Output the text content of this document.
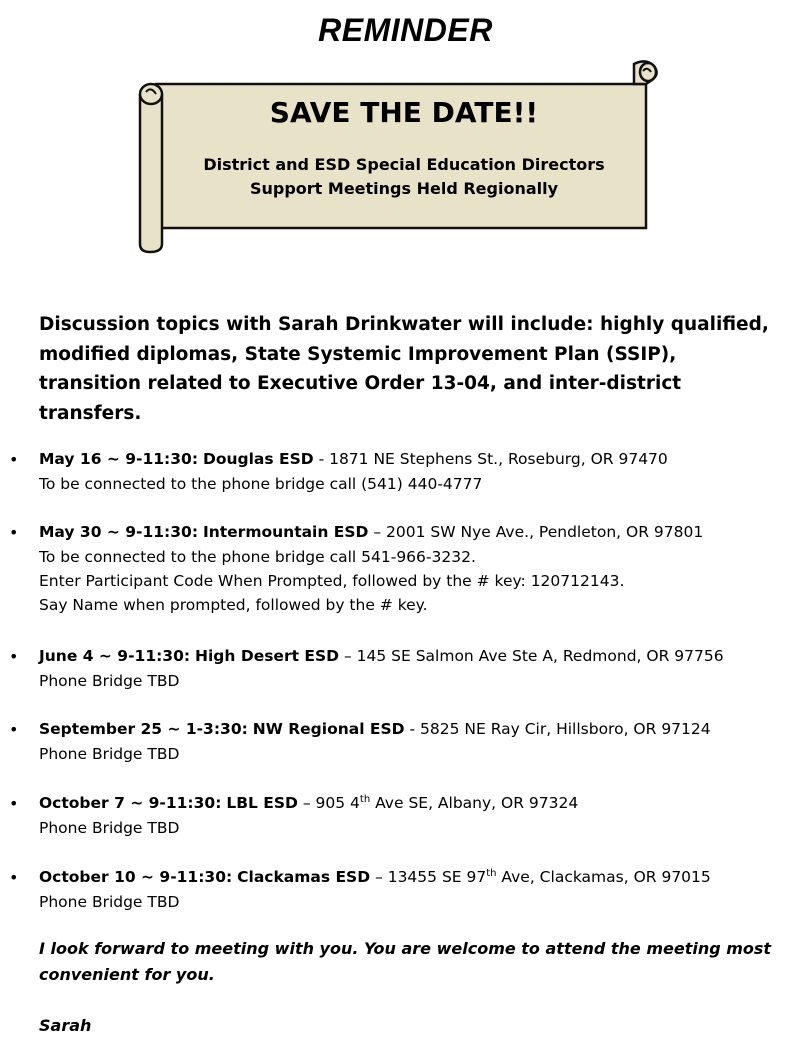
REMINDER
SAVE THE DATE!!
District and ESD Special Education Directors
Support Meetings Held Regionally
Discussion topics with Sarah Drinkwater will include: highly qualified, modified diplomas, State Systemic Improvement Plan (SSIP), transition related to Executive Order 13-04, and inter-district transfers.
• May 16 ~ 9-11:30: Douglas ESD - 1871 NE Stephens St., Roseburg, OR 97470
To be connected to the phone bridge call (541) 440-4777
• May 30 ~ 9-11:30: Intermountain ESD – 2001 SW Nye Ave., Pendleton, OR 97801
To be connected to the phone bridge call 541-966-3232.
Enter Participant Code When Prompted, followed by the # key: 120712143.
Say Name when prompted, followed by the # key.
• June 4 ~ 9-11:30: High Desert ESD – 145 SE Salmon Ave Ste A, Redmond, OR 97756
Phone Bridge TBD
• September 25 ~ 1-3:30: NW Regional ESD - 5825 NE Ray Cir, Hillsboro, OR 97124
Phone Bridge TBD
• October 7 ~ 9-11:30: LBL ESD – 905 4th Ave SE, Albany, OR 97324
Phone Bridge TBD
• October 10 ~ 9-11:30: Clackamas ESD – 13455 SE 97th Ave, Clackamas, OR 97015
Phone Bridge TBD
I look forward to meeting with you. You are welcome to attend the meeting most convenient for you.
Sarah
